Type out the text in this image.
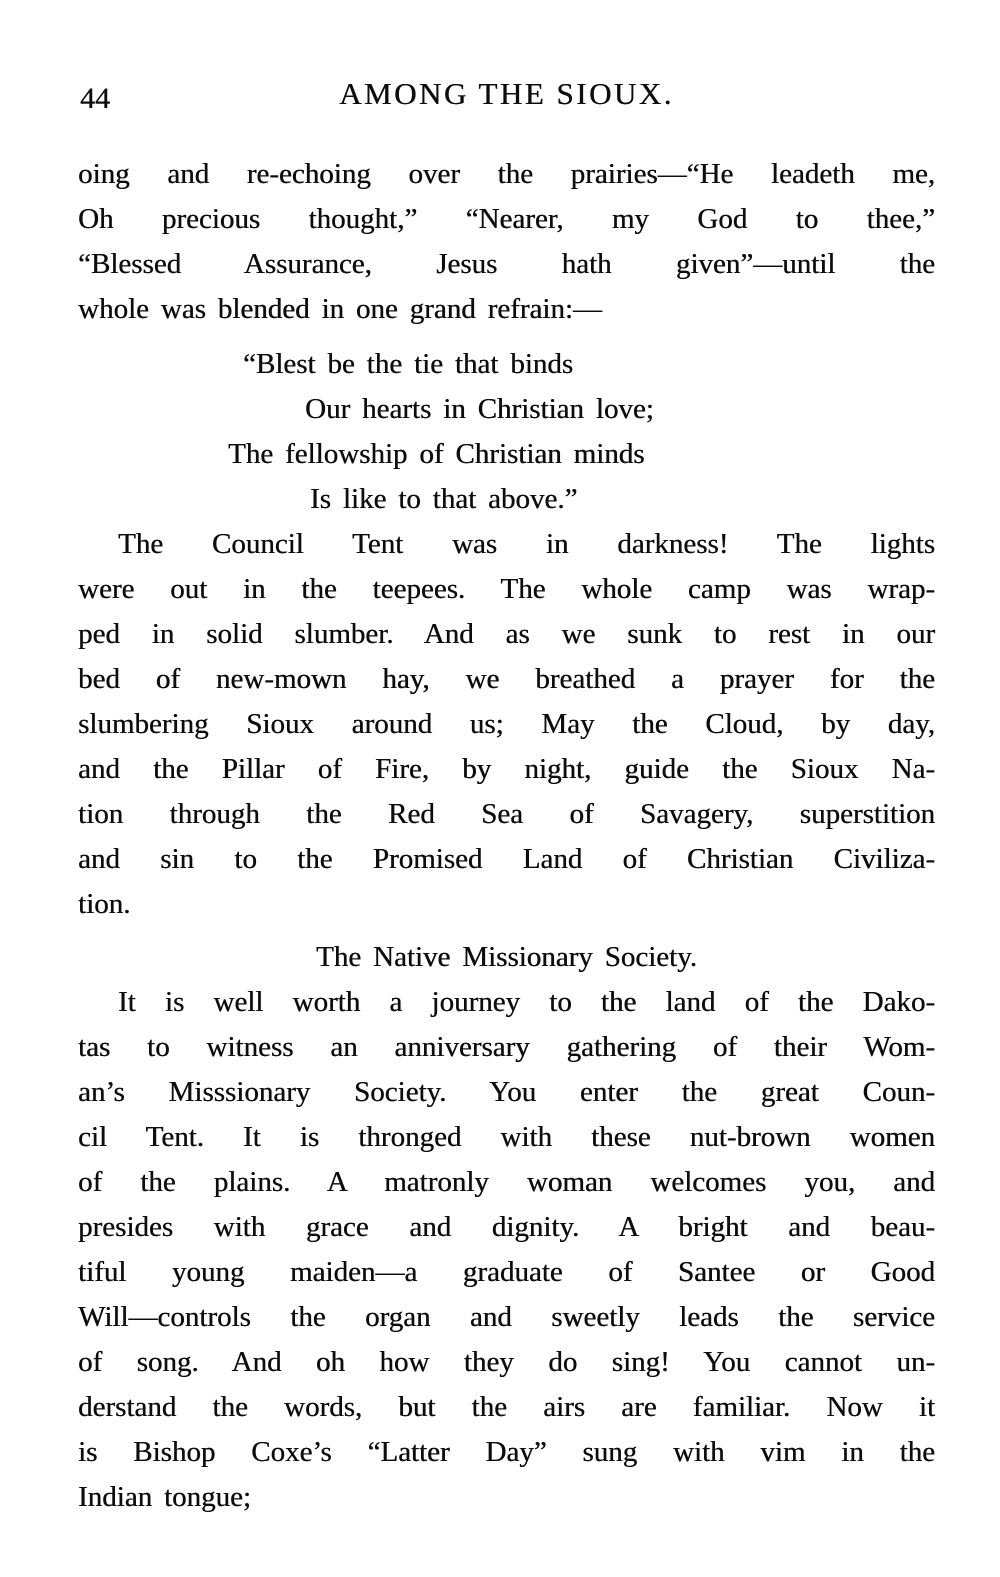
44	AMONG THE SIOUX.
oing and re-echoing over the prairies—“He leadeth me,
Oh precious thought,” “Nearer, my God to thee,”
“Blessed Assurance, Jesus hath given”—until the
whole was blended in one grand refrain:—
“Blest be the tie that binds
Our hearts in Christian love;
The fellowship of Christian minds
Is like to that above.”
The Council Tent was in darkness! The lights
were out in the teepees. The whole camp was wrap-
ped in solid slumber. And as we sunk to rest in our
bed of new-mown hay, we breathed a prayer for the
slumbering Sioux around us; May the Cloud, by day,
and the Pillar of Fire, by night, guide the Sioux Na-
tion through the Red Sea of Savagery, superstition
and sin to the Promised Land of Christian Civiliza-
tion.
The Native Missionary Society.
It is well worth a journey to the land of the Dako-
tas to witness an anniversary gathering of their Wom-
an’s Misssionary Society. You enter the great Coun-
cil Tent. It is thronged with these nut-brown women
of the plains. A matronly woman welcomes you, and
presides with grace and dignity. A bright and beau-
tiful young maiden—a graduate of Santee or Good
Will—controls the organ and sweetly leads the service
of song. And oh how they do sing! You cannot un-
derstand the words, but the airs are familiar. Now it
is Bishop Coxe’s “Latter Day” sung with vim in the
Indian tongue;
